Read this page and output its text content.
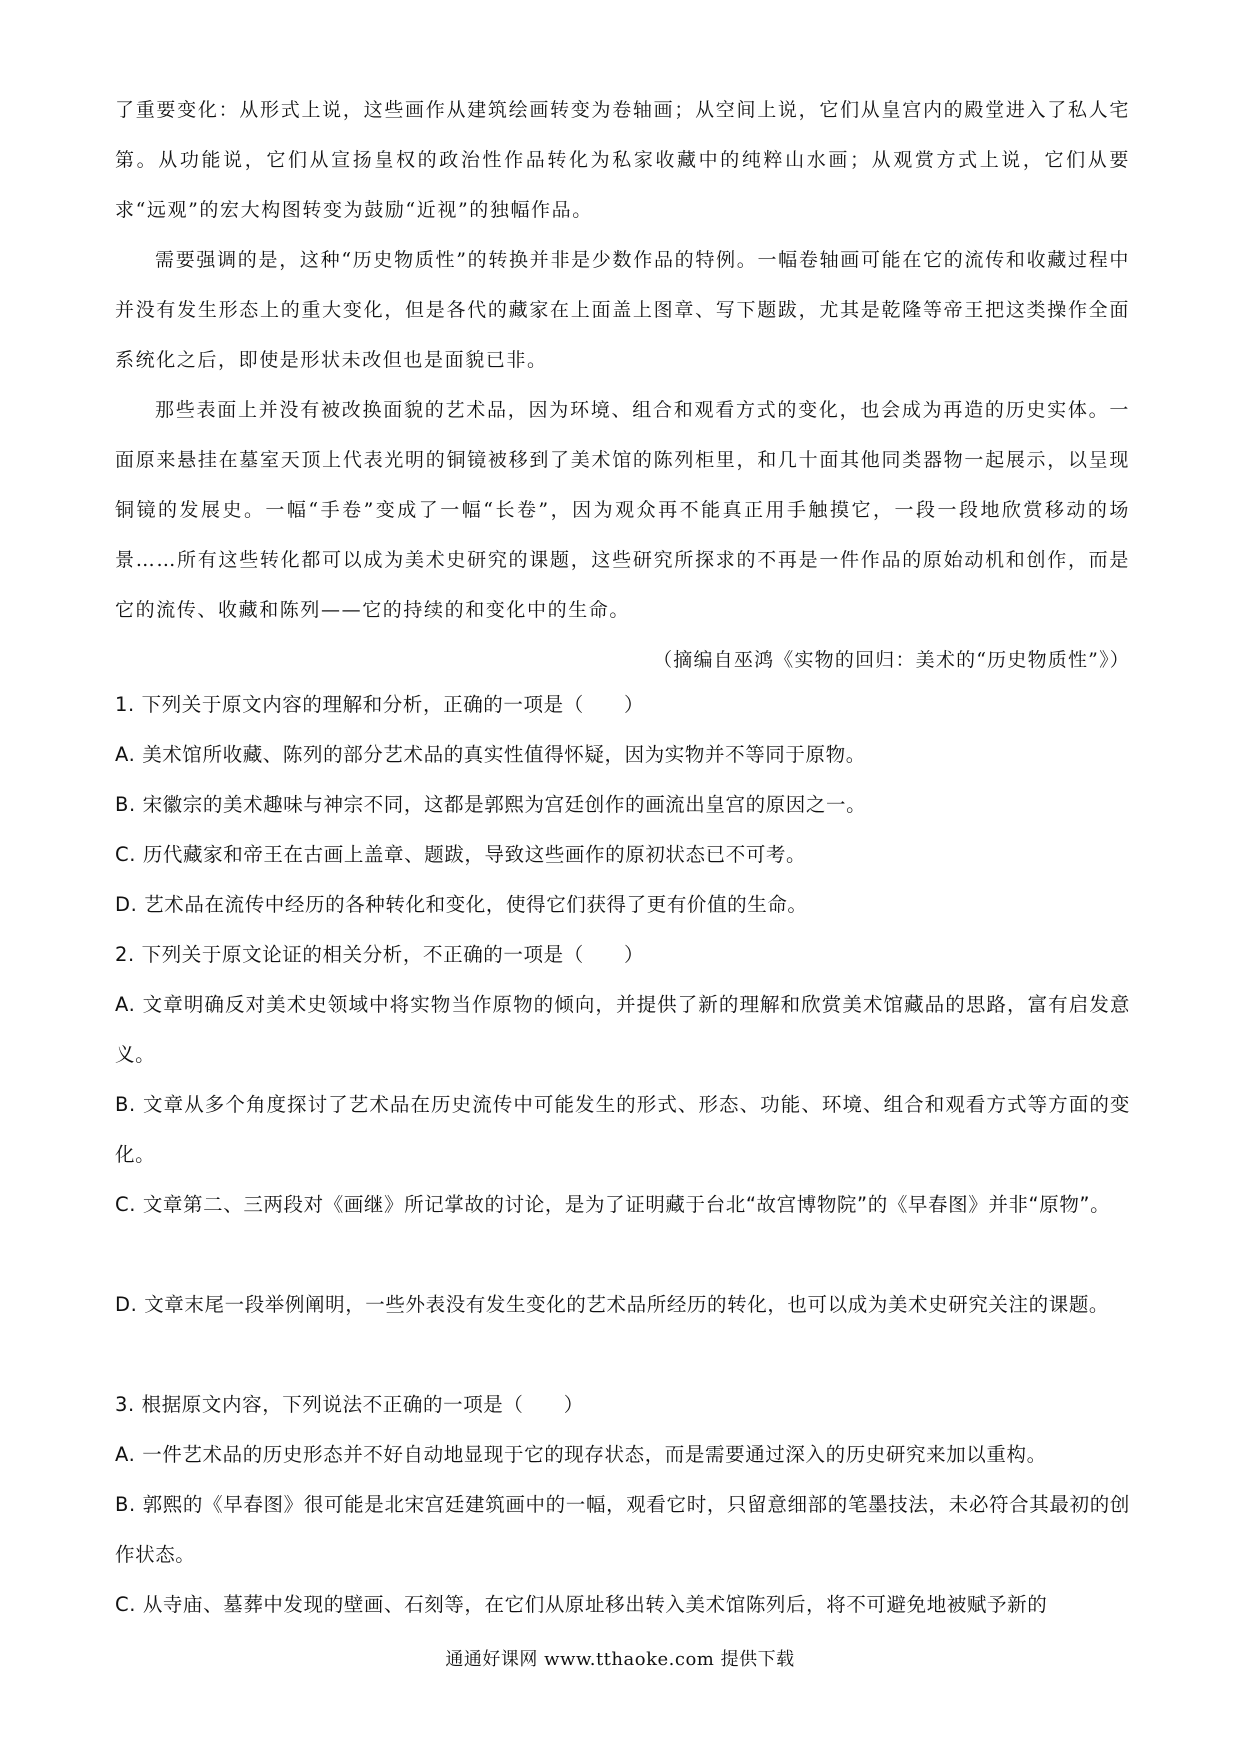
了重要变化：从形式上说，这些画作从建筑绘画转变为卷轴画；从空间上说，它们从皇宫内的殿堂进入了私人宅第。从功能说，它们从宣扬皇权的政治性作品转化为私家收藏中的纯粹山水画；从观赏方式上说，它们从要求“远观”的宏大构图转变为鼓励“近视”的独幅作品。

需要强调的是，这种“历史物质性”的转换并非是少数作品的特例。一幅卷轴画可能在它的流传和收藏过程中并没有发生形态上的重大变化，但是各代的藏家在上面盖上图章、写下题跋，尤其是乾隆等帝王把这类操作全面系统化之后，即使是形状未改但也是面貌已非。

那些表面上并没有被改换面貌的艺术品，因为环境、组合和观看方式的变化，也会成为再造的历史实体。一面原来悬挂在墓室天顶上代表光明的铜镜被移到了美术馆的陈列柜里，和几十面其他同类器物一起展示，以呈现铜镜的发展史。一幅“手卷”变成了一幅“长卷”，因为观众再不能真正用手触摸它，一段一段地欣赏移动的场景……所有这些转化都可以成为美术史研究的课题，这些研究所探求的不再是一件作品的原始动机和创作，而是它的流传、收藏和陈列——它的持续的和变化中的生命。

（摘编自巫鸿《实物的回归：美术的“历史物质性”》）

1. 下列关于原文内容的理解和分析，正确的一项是（　　）

A. 美术馆所收藏、陈列的部分艺术品的真实性值得怀疑，因为实物并不等同于原物。

B. 宋徽宗的美术趣味与神宗不同，这都是郭熙为宫廷创作的画流出皇宫的原因之一。

C. 历代藏家和帝王在古画上盖章、题跋，导致这些画作的原初状态已不可考。

D. 艺术品在流传中经历的各种转化和变化，使得它们获得了更有价值的生命。

2. 下列关于原文论证的相关分析，不正确的一项是（　　）

A. 文章明确反对美术史领域中将实物当作原物的倾向，并提供了新的理解和欣赏美术馆藏品的思路，富有启发意义。

B. 文章从多个角度探讨了艺术品在历史流传中可能发生的形式、形态、功能、环境、组合和观看方式等方面的变化。

C. 文章第二、三两段对《画继》所记掌故的讨论，是为了证明藏于台北“故宫博物院”的《早春图》并非“原物”。

D. 文章末尾一段举例阐明，一些外表没有发生变化的艺术品所经历的转化，也可以成为美术史研究关注的课题。

3. 根据原文内容，下列说法不正确的一项是（　　）

A. 一件艺术品的历史形态并不好自动地显现于它的现存状态，而是需要通过深入的历史研究来加以重构。

B. 郭熙的《早春图》很可能是北宋宫廷建筑画中的一幅，观看它时，只留意细部的笔墨技法，未必符合其最初的创作状态。

C. 从寺庙、墓葬中发现的壁画、石刻等，在它们从原址移出转入美术馆陈列后，将不可避免地被赋予新的

通通好课网 www.tthaoke.com 提供下载
